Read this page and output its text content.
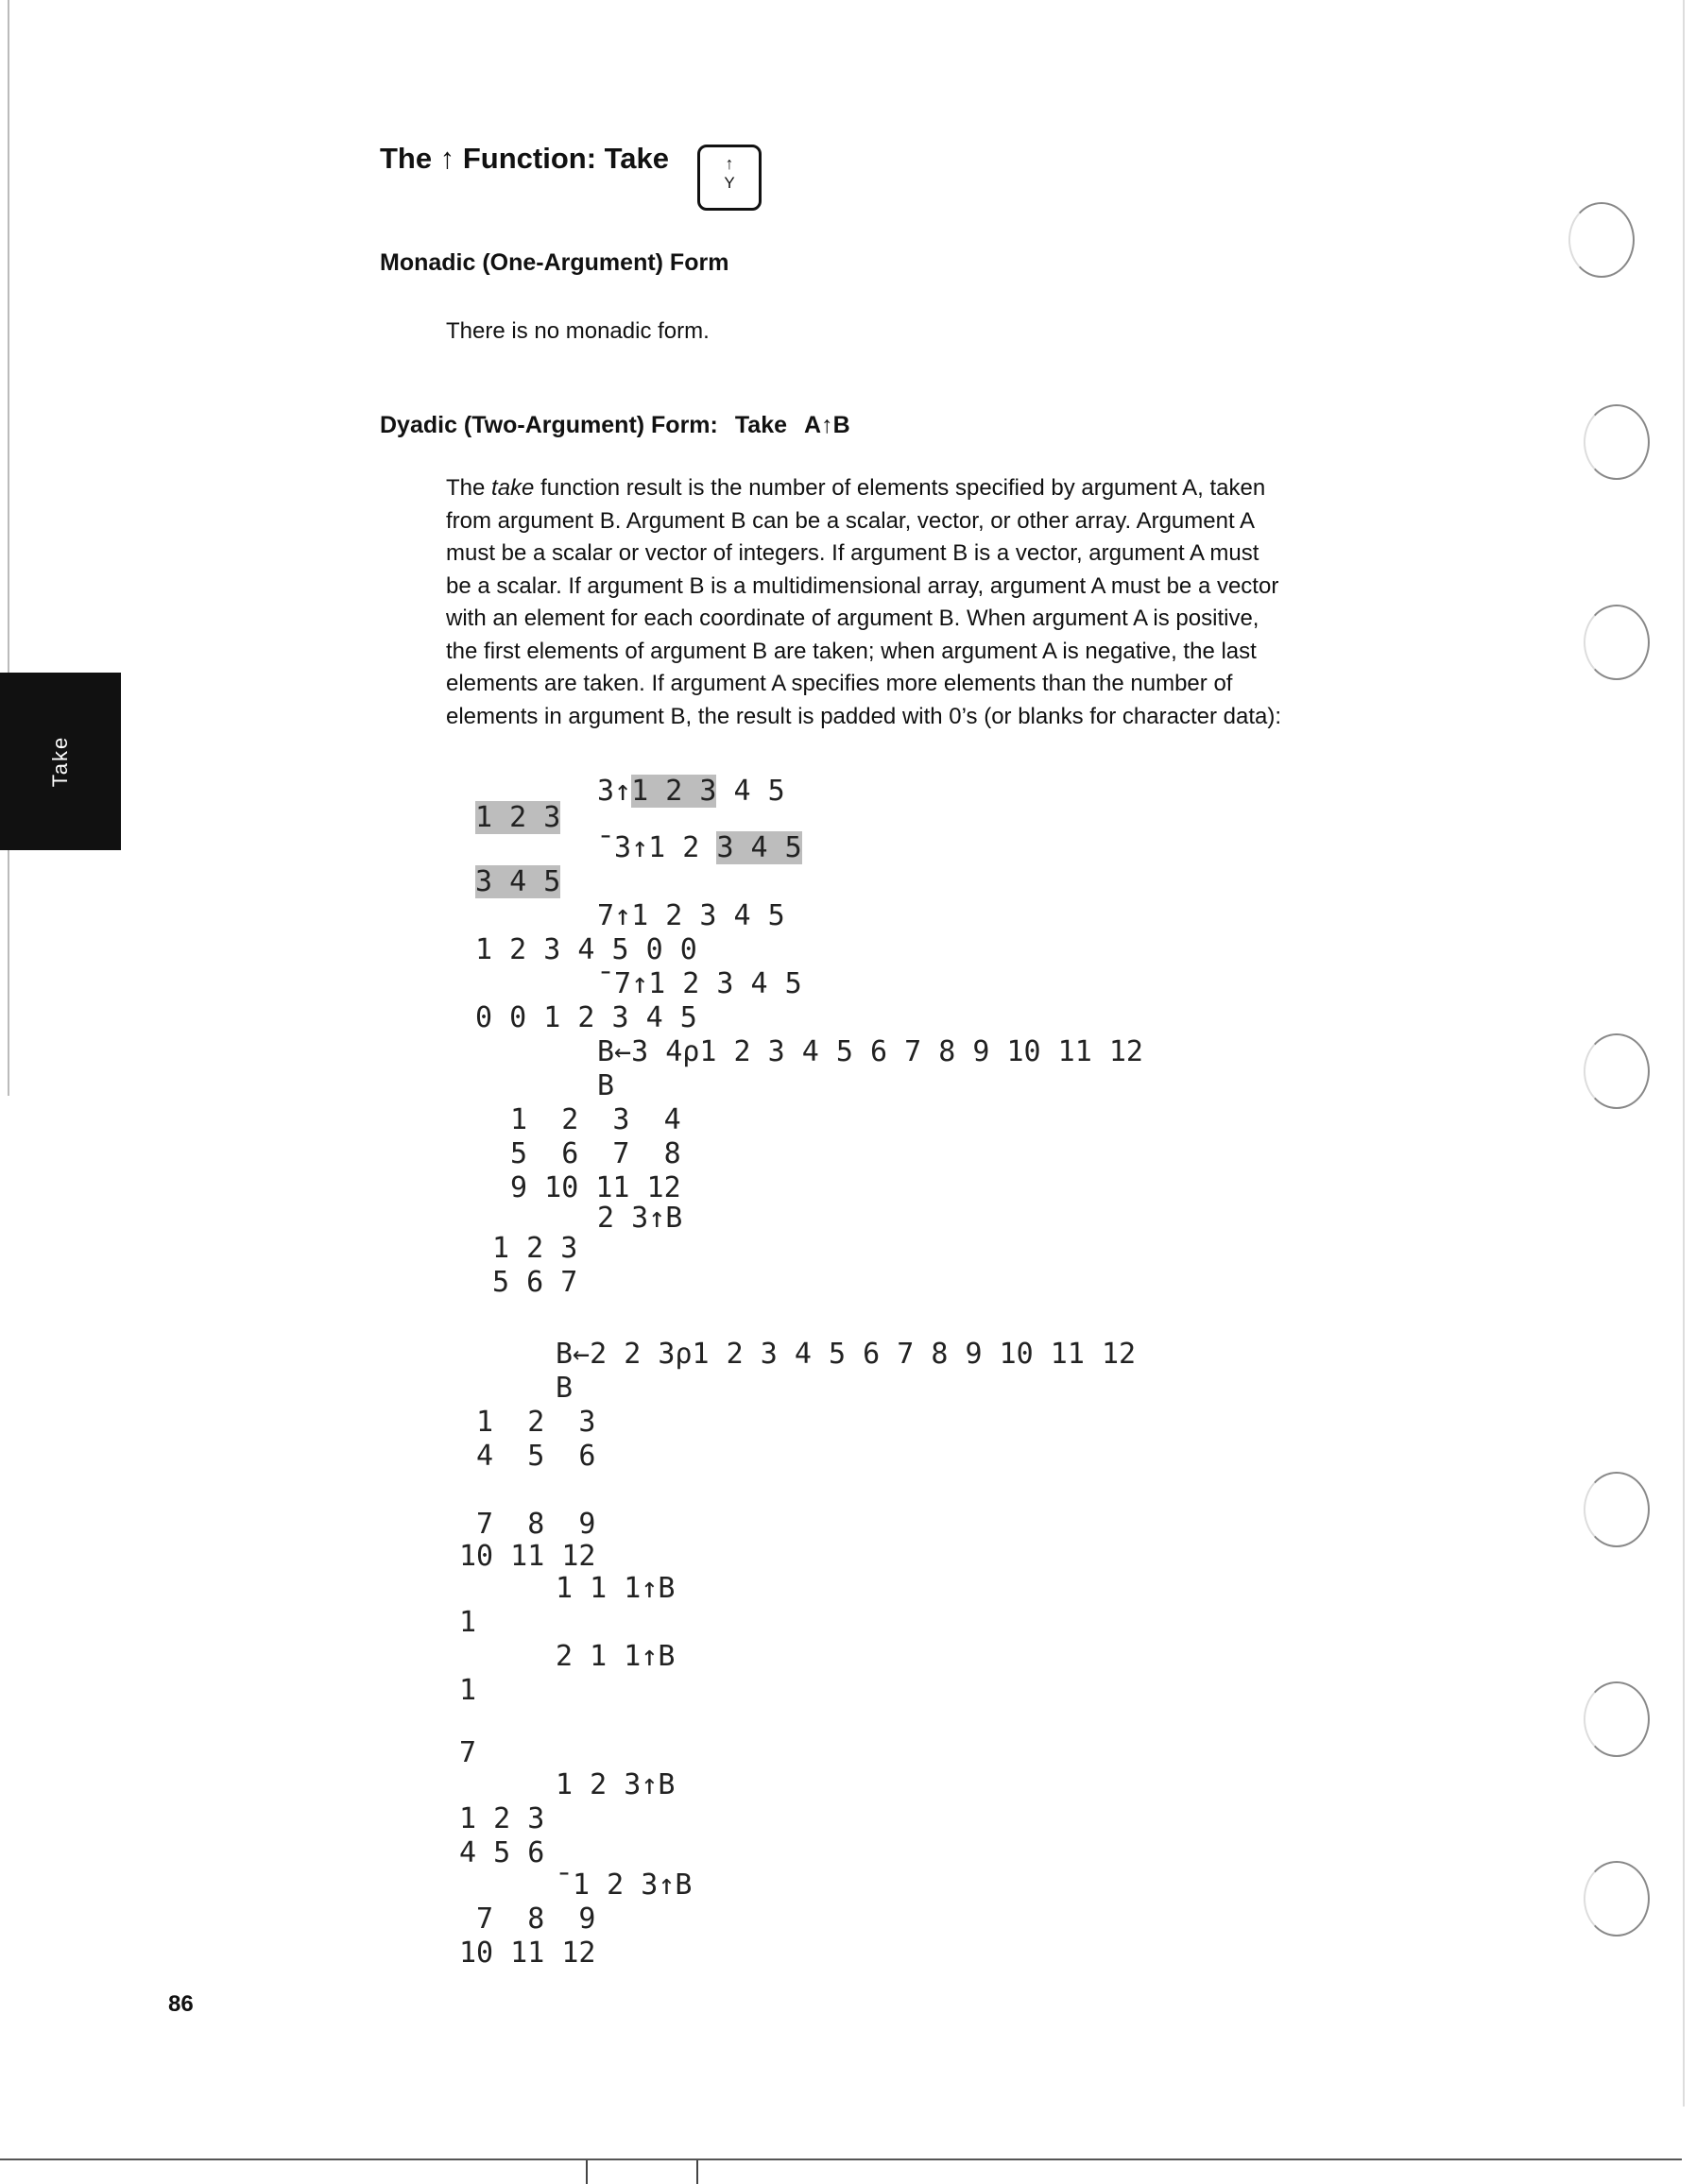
Take
The ↑ Function: Take	↑
Y
Monadic (One-Argument) Form
There is no monadic form.
Dyadic (Two-Argument) Form: Take A↑B
The take function result is the number of elements specified by argument A, taken
from argument B. Argument B can be a scalar, vector, or other array. Argument A
must be a scalar or vector of integers. If argument B is a vector, argument A must
be a scalar. If argument B is a multidimensional array, argument A must be a vector
with an element for each coordinate of argument B. When argument A is positive,
the first elements of argument B are taken; when argument A is negative, the last
elements are taken. If argument A specifies more elements than the number of
elements in argument B, the result is padded with 0’s (or blanks for character data):
3↑1 2 3 4 5
1 2 3
¯3↑1 2 3 4 5
3 4 5
7↑1 2 3 4 5
1 2 3 4 5 0 0
¯7↑1 2 3 4 5
0 0 1 2 3 4 5
B←3 4⍴1 2 3 4 5 6 7 8 9 10 11 12
B
1  2  3  4
5  6  7  8
9 10 11 12
2 3↑B
1 2 3
5 6 7
B←2 2 3⍴1 2 3 4 5 6 7 8 9 10 11 12
B
1  2  3
4  5  6
7  8  9
10 11 12
1 1 1↑B
1
2 1 1↑B
1
7
1 2 3↑B
1 2 3
4 5 6
¯1 2 3↑B
7  8  9
10 11 12
86
